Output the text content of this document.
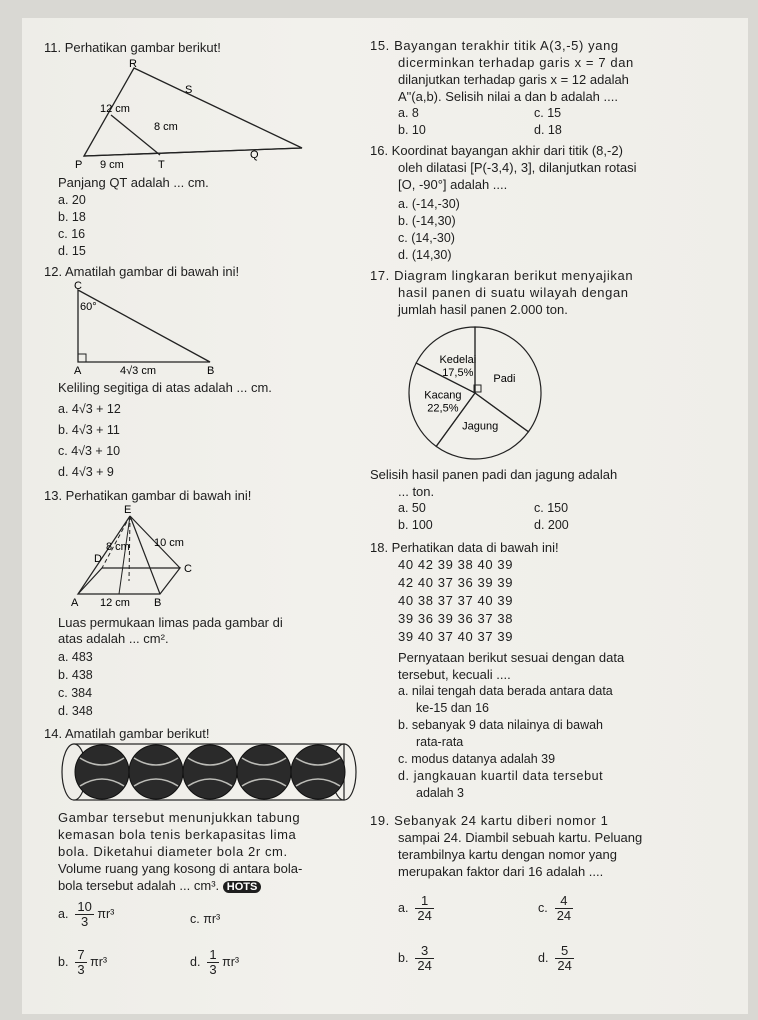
11. Perhatikan gambar berikut!
R
S
P	T
Q
12 cm
8 cm
9 cm
Panjang QT adalah ... cm.
a. 20
b. 18
c. 16
d. 15
12. Amatilah gambar di bawah ini!
C
60°
A	4√3 cm	B
Keliling segitiga di atas adalah ... cm.
a. 4√3 + 12
b. 4√3 + 11
c. 4√3 + 10
d. 4√3 + 9
13. Perhatikan gambar di bawah ini!
E
D
C
A	B
8 cm 10 cm
12 cm
Luas permukaan limas pada gambar di
atas adalah ... cm².
a. 483
b. 438
c. 384
d. 348
14. Amatilah gambar berikut!
Gambar tersebut menunjukkan tabung
kemasan bola tenis berkapasitas lima
bola. Diketahui diameter bola 2r cm.
Volume ruang yang kosong di antara bola-
bola tersebut adalah ... cm³. HOTS
a. $\frac{10}{3} \pi r^3$
b. $\frac{7}{3} \pi r^3$
c. πr³
d. $\frac{1}{3} \pi r^3$
15. Bayangan terakhir titik A(3,-5) yang
dicerminkan terhadap garis x = 7 dan
dilanjutkan terhadap garis x = 12 adalah
A"(a,b). Selisih nilai a dan b adalah ....
a. 8	c. 15
b. 10	d. 18
16. Koordinat bayangan akhir dari titik (8,-2)
oleh dilatasi [P(-3,4), 3], dilanjutkan rotasi
[O, -90°] adalah ....
a. (-14,-30)
b. (-14,30)
c. (14,-30)
d. (14,30)
17. Diagram lingkaran berikut menyajikan
hasil panen di suatu wilayah dengan
jumlah hasil panen 2.000 ton.
Kedelai
17,5%
Padi
Jagung
Kacang
22,5%
Selisih hasil panen padi dan jagung adalah
... ton.
a. 50	c. 150
b. 100	d. 200
18. Perhatikan data di bawah ini!
40 42 39 38 40 39
42 40 37 36 39 39
40 38 37 37 40 39
39 36 39 36 37 38
39 40 37 40 37 39
Pernyataan berikut sesuai dengan data
tersebut, kecuali ....
a. nilai tengah data berada antara data
ke-15 dan 16
b. sebanyak 9 data nilainya di bawah
rata-rata
c. modus datanya adalah 39
d. jangkauan kuartil data tersebut
adalah 3
19. Sebanyak 24 kartu diberi nomor 1
sampai 24. Diambil sebuah kartu. Peluang
terambilnya kartu dengan nomor yang
merupakan faktor dari 16 adalah ....
a. $\frac{1}{24}$
b. $\frac{3}{24}$
c. $\frac{4}{24}$
d. $\frac{5}{24}$
